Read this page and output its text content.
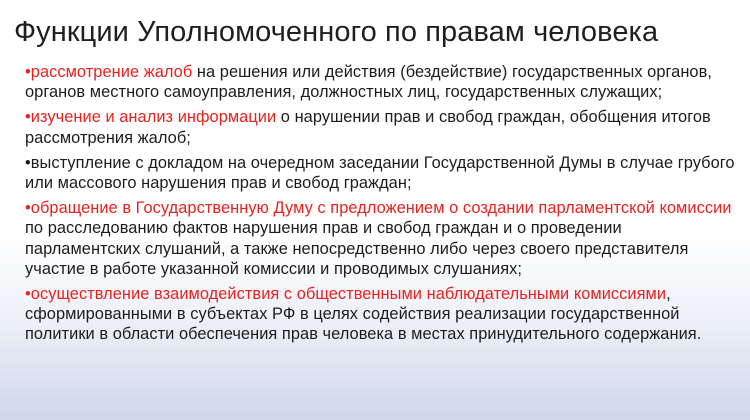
Функции Уполномоченного по правам человека
•рассмотрение жалоб на решения или действия (бездействие) государственных органов, органов местного самоуправления, должностных лиц, государственных служащих;
•изучение и анализ информации о нарушении прав и свобод граждан, обобщения итогов рассмотрения жалоб;
•выступление с докладом на очередном заседании Государственной Думы в случае грубого или массового нарушения прав и свобод граждан;
•обращение в Государственную Думу с предложением о создании парламентской комиссии по расследованию фактов нарушения прав и свобод граждан и о проведении парламентских слушаний, а также непосредственно либо через своего представителя участие в работе указанной комиссии и проводимых слушаниях;
•осуществление взаимодействия с общественными наблюдательными комиссиями, сформированными в субъектах РФ в целях содействия реализации государственной политики в области обеспечения прав человека в местах принудительного содержания.
